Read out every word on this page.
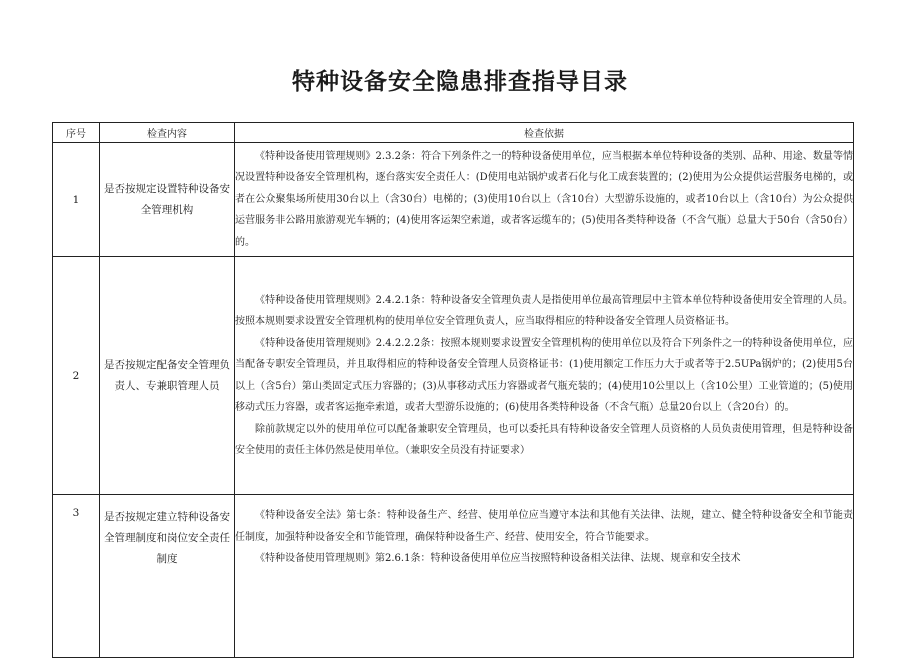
特种设备安全隐患排查指导目录
序号	检查内容	检查依据
1	是否按规定设置特种设备安全管理机构	《特种设备使用管理规则》2.3.2条：符合下列条件之一的特种设备使用单位，应当根据本单位特种设备的类别、品种、用途、数量等情况设置特种设备安全管理机构，逐台落实安全责任人：(D使用电站锅炉或者石化与化工成套装置的；(2)使用为公众提供运营服务电梯的，或者在公众聚集场所使用30台以上（含30台）电梯的；(3)使用10台以上（含10台）大型游乐设施的，或者10台以上（含10台）为公众提供运营服务非公路用旅游观光车辆的；(4)使用客运架空索道，或者客运缆车的；(5)使用各类特种设备（不含气瓶）总量大于50台（含50台）的。

2	是否按规定配备安全管理负责人、专兼职管理人员	《特种设备使用管理规则》2.4.2.1条：特种设备安全管理负责人是指使用单位最高管理层中主管本单位特种设备使用安全管理的人员。按照本规则要求设置安全管理机构的使用单位安全管理负责人，应当取得相应的特种设备安全管理人员资格证书。

《特种设备使用管理规则》2.4.2.2.2条：按照本规则要求设置安全管理机构的使用单位以及符合下列条件之一的特种设备使用单位，应当配备专职安全管理员，并且取得相应的特种设备安全管理人员资格证书：(1)使用额定工作压力大于或者等于2.5UPa锅炉的；(2)使用5台以上（含5台）第山类固定式压力容器的；(3)从事移动式压力容器或者气瓶充装的；(4)使用10公里以上（含10公里）工业管道的；(5)使用移动式压力容器，或者客运拖牵索道，或者大型游乐设施的；(6)使用各类特种设备（不含气瓶）总量20台以上（含20台）的。

除前款规定以外的使用单位可以配备兼职安全管理员，也可以委托具有特种设备安全管理人员资格的人员负责使用管理，但是特种设备安全使用的责任主体仍然是使用单位。（兼职安全员没有持证要求）

3	是否按规定建立特种设备安全管理制度和岗位安全责任制度	《特种设备安全法》第七条：特种设备生产、经营、使用单位应当遵守本法和其他有关法律、法规，建立、健全特种设备安全和节能责任制度，加强特种设备安全和节能管理，确保特种设备生产、经营、使用安全，符合节能要求。

《特种设备使用管理规则》第2.6.1条：特种设备使用单位应当按照特种设备相关法律、法规、规章和安全技术
